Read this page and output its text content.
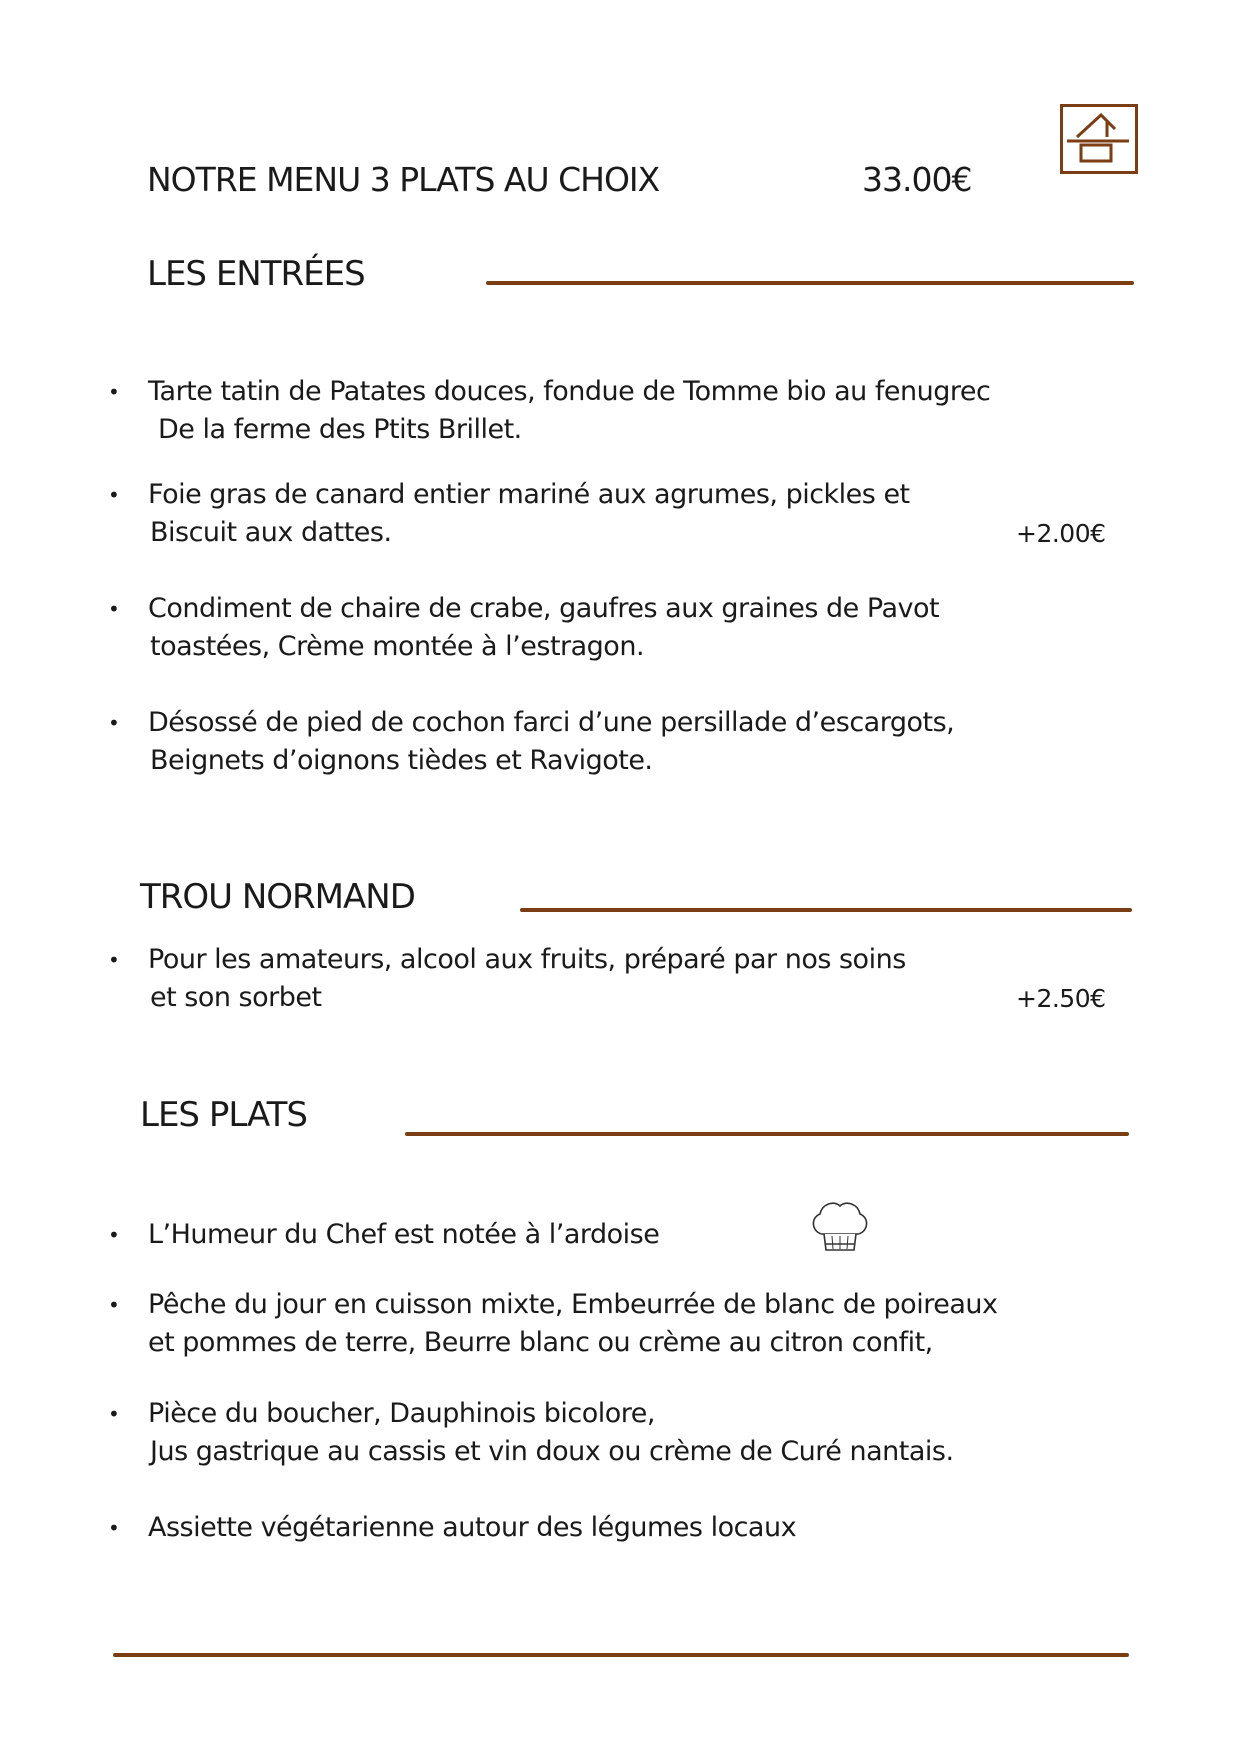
NOTRE MENU 3 PLATS AU CHOIX	33.00€
LES ENTRÉES
•	Tarte tatin de Patates douces, fondue de Tomme bio au fenugrec
De la ferme des Ptits Brillet.
•	Foie gras de canard entier mariné aux agrumes, pickles et
Biscuit aux dattes.	+2.00€
•	Condiment de chaire de crabe, gaufres aux graines de Pavot
toastées, Crème montée à l’estragon.
•	Désossé de pied de cochon farci d’une persillade d’escargots,
Beignets d’oignons tièdes et Ravigote.
TROU NORMAND
•	Pour les amateurs, alcool aux fruits, préparé par nos soins
et son sorbet	+2.50€
LES PLATS
•	L’Humeur du Chef est notée à l’ardoise
•	Pêche du jour en cuisson mixte, Embeurrée de blanc de poireaux
et pommes de terre, Beurre blanc ou crème au citron confit,
•	Pièce du boucher, Dauphinois bicolore,
Jus gastrique au cassis et vin doux ou crème de Curé nantais.
•	Assiette végétarienne autour des légumes locaux
